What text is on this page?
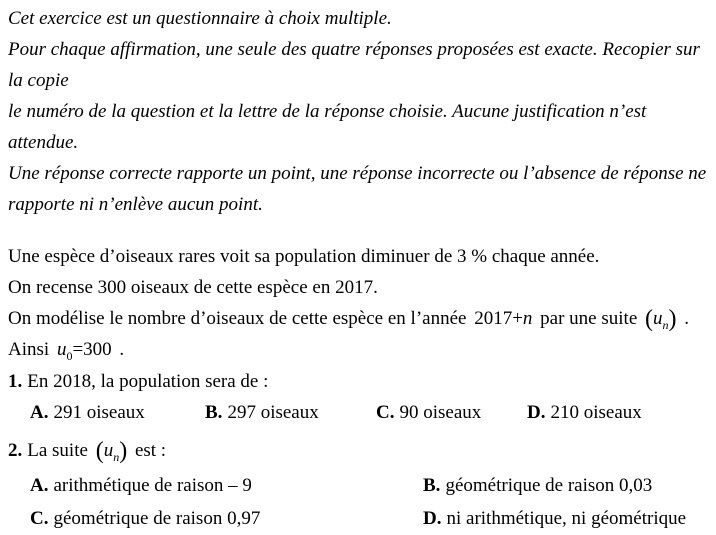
Cet exercice est un questionnaire à choix multiple.

Pour chaque affirmation, une seule des quatre réponses proposées est exacte. Recopier sur la copie

le numéro de la question et la lettre de la réponse choisie. Aucune justification n’est attendue.

Une réponse correcte rapporte un point, une réponse incorrecte ou l’absence de réponse ne

rapporte ni n’enlève aucun point.

Une espèce d’oiseaux rares voit sa population diminuer de 3 % chaque année.
On recense 300 oiseaux de cette espèce en 2017.
On modélise le nombre d’oiseaux de cette espèce en l’année 2017+n par une suite $(u_n)$ .
Ainsi $u_0=300$ .
1. En 2018, la population sera de :
A. 291 oiseaux	B. 297 oiseaux	C. 90 oiseaux D. 210 oiseaux
2. La suite $(u_n)$ est :
A. arithmétique de raison – 9	B. géométrique de raison 0,03
C. géométrique de raison 0,97	D. ni arithmétique, ni géométrique
